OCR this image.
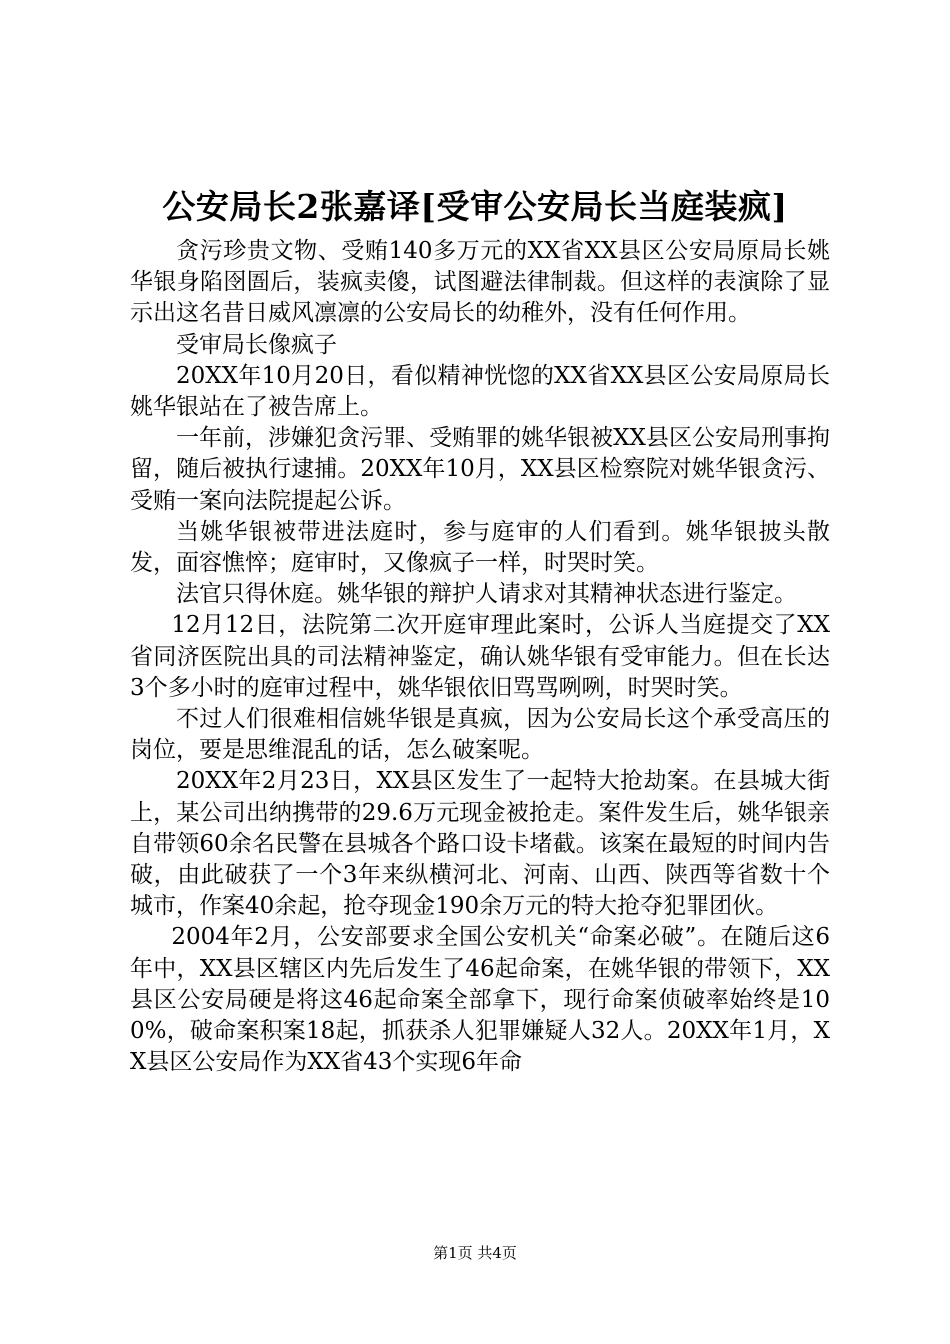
公安局长2张嘉译[受审公安局长当庭装疯]

贪污珍贵文物、受贿140多万元的XX省XX县区公安局原局长姚华银身陷囹圄后，装疯卖傻，试图避法律制裁。但这样的表演除了显示出这名昔日威风凛凛的公安局长的幼稚外，没有任何作用。

受审局长像疯子

20XX年10月20日，看似精神恍惚的XX省XX县区公安局原局长姚华银站在了被告席上。

一年前，涉嫌犯贪污罪、受贿罪的姚华银被XX县区公安局刑事拘留，随后被执行逮捕。20XX年10月，XX县区检察院对姚华银贪污、受贿一案向法院提起公诉。

当姚华银被带进法庭时，参与庭审的人们看到。姚华银披头散发，面容憔悴；庭审时，又像疯子一样，时哭时笑。

法官只得休庭。姚华银的辩护人请求对其精神状态进行鉴定。

12月12日，法院第二次开庭审理此案时，公诉人当庭提交了XX省同济医院出具的司法精神鉴定，确认姚华银有受审能力。但在长达3个多小时的庭审过程中，姚华银依旧骂骂咧咧，时哭时笑。

不过人们很难相信姚华银是真疯，因为公安局长这个承受高压的岗位，要是思维混乱的话，怎么破案呢。

20XX年2月23日，XX县区发生了一起特大抢劫案。在县城大街上，某公司出纳携带的29.6万元现金被抢走。案件发生后，姚华银亲自带领60余名民警在县城各个路口设卡堵截。该案在最短的时间内告破，由此破获了一个3年来纵横河北、河南、山西、陕西等省数十个城市，作案40余起，抢夺现金190余万元的特大抢夺犯罪团伙。

2004年2月，公安部要求全国公安机关“命案必破”。在随后这6年中，XX县区辖区内先后发生了46起命案，在姚华银的带领下，XX县区公安局硬是将这46起命案全部拿下，现行命案侦破率始终是100%，破命案积案18起，抓获杀人犯罪嫌疑人32人。20XX年1月，XX县区公安局作为XX省43个实现6年命

第1页 共4页
